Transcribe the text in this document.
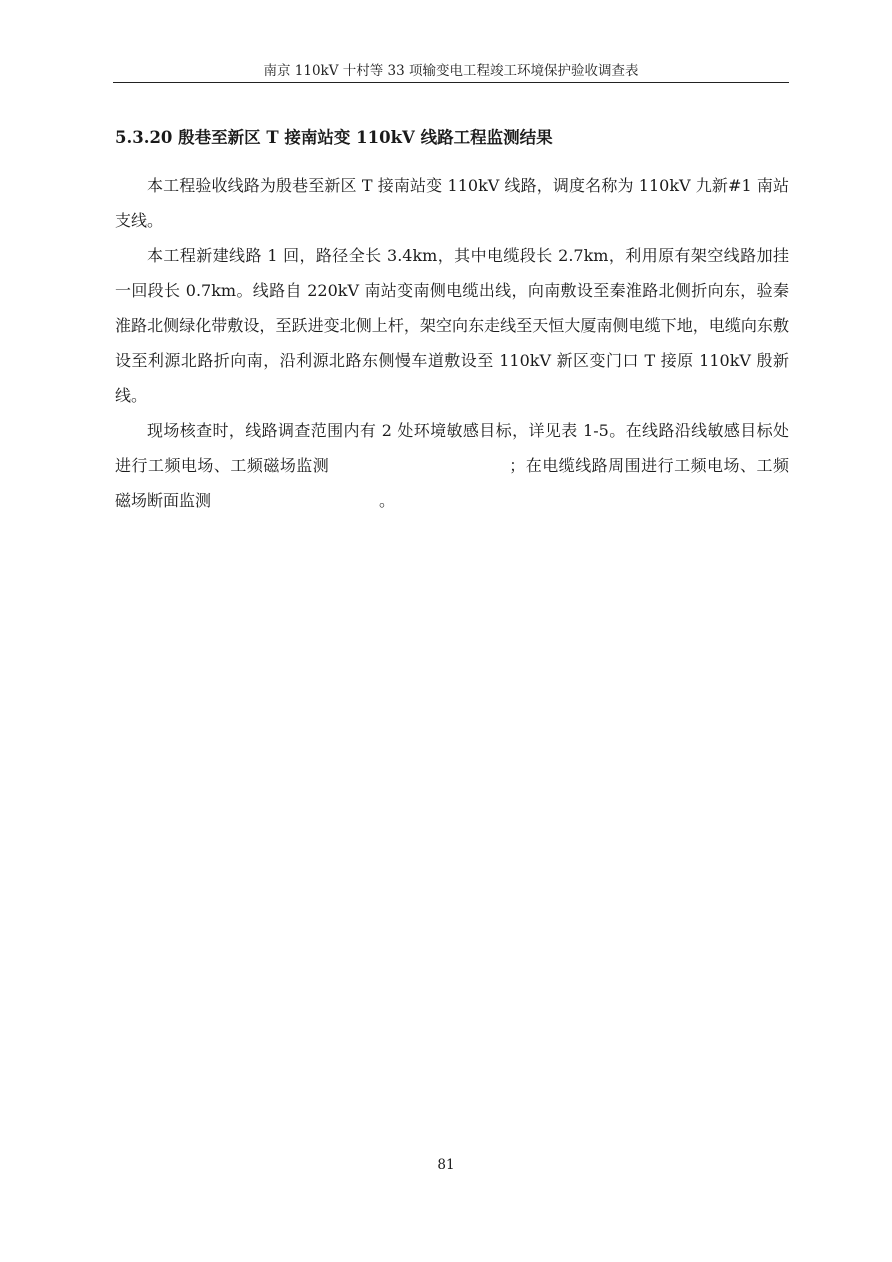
南京 110kV 十村等 33 项输变电工程竣工环境保护验收调查表
5.3.20 殷巷至新区 T 接南站变 110kV 线路工程监测结果

本工程验收线路为殷巷至新区 T 接南站变 110kV 线路，调度名称为 110kV 九新#1 南站支线。

本工程新建线路 1 回，路径全长 3.4km，其中电缆段长 2.7km，利用原有架空线路加挂一回段长 0.7km。线路自 220kV 南站变南侧电缆出线，向南敷设至秦淮路北侧折向东，验秦淮路北侧绿化带敷设，至跃进变北侧上杆，架空向东走线至天恒大厦南侧电缆下地，电缆向东敷设至利源北路折向南，沿利源北路东侧慢车道敷设至 110kV 新区变门口 T 接原 110kV 殷新线。

现场核查时，线路调查范围内有 2 处环境敏感目标，详见表 1-5。在线路沿线敏感目标处进行工频电场、工频磁场监测	；在电缆线路周围进行工频电场、工频磁场断面监测	。

81
